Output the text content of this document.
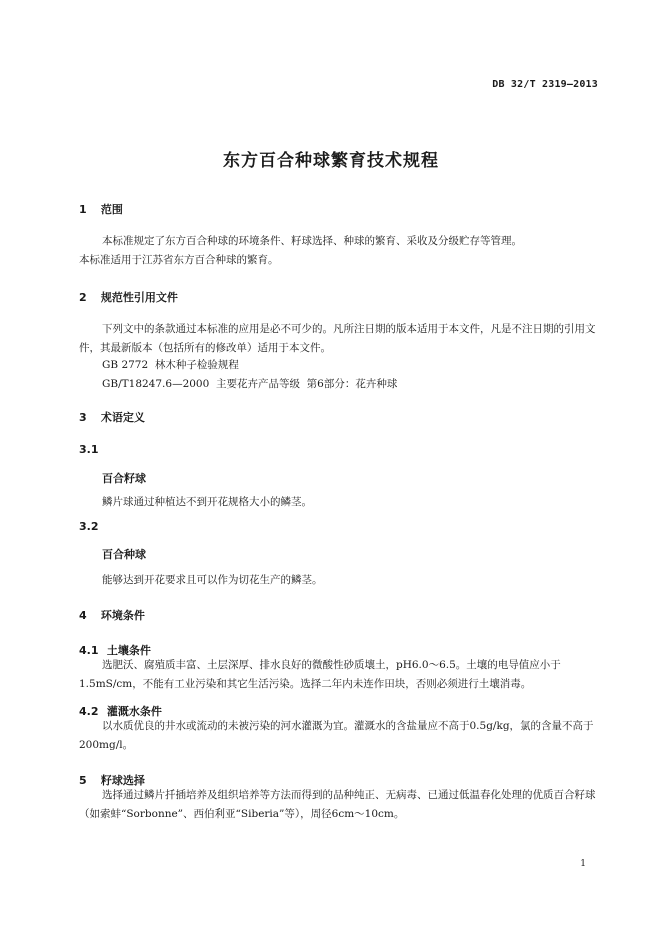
DB 32/T 2319—2013
东方百合种球繁育技术规程
1 范围
本标准规定了东方百合种球的环境条件、籽球选择、种球的繁育、采收及分级贮存等管理。
本标准适用于江苏省东方百合种球的繁育。
2 规范性引用文件
下列文中的条款通过本标准的应用是必不可少的。凡所注日期的版本适用于本文件，凡是不注日期的引用文件，其最新版本（包括所有的修改单）适用于本文件。
GB 2772  林木种子检验规程
GB/T18247.6—2000  主要花卉产品等级  第6部分：花卉种球
3 术语定义
3.1
百合籽球
鳞片球通过种植达不到开花规格大小的鳞茎。
3.2
百合种球
能够达到开花要求且可以作为切花生产的鳞茎。
4 环境条件
4.1 土壤条件
选肥沃、腐殖质丰富、土层深厚、排水良好的微酸性砂质壤土，pH6.0～6.5。土壤的电导值应小于1.5mS/cm，不能有工业污染和其它生活污染。选择二年内未连作田块，否则必须进行土壤消毒。
4.2 灌溉水条件
以水质优良的井水或流动的未被污染的河水灌溉为宜。灌溉水的含盐量应不高于0.5g/kg，氯的含量不高于200mg/l。
5 籽球选择
选择通过鳞片扦插培养及组织培养等方法而得到的品种纯正、无病毒、已通过低温春化处理的优质百合籽球（如索蚌“Sorbonne”、西伯利亚“Siberia”等），周径6cm～10cm。
1
